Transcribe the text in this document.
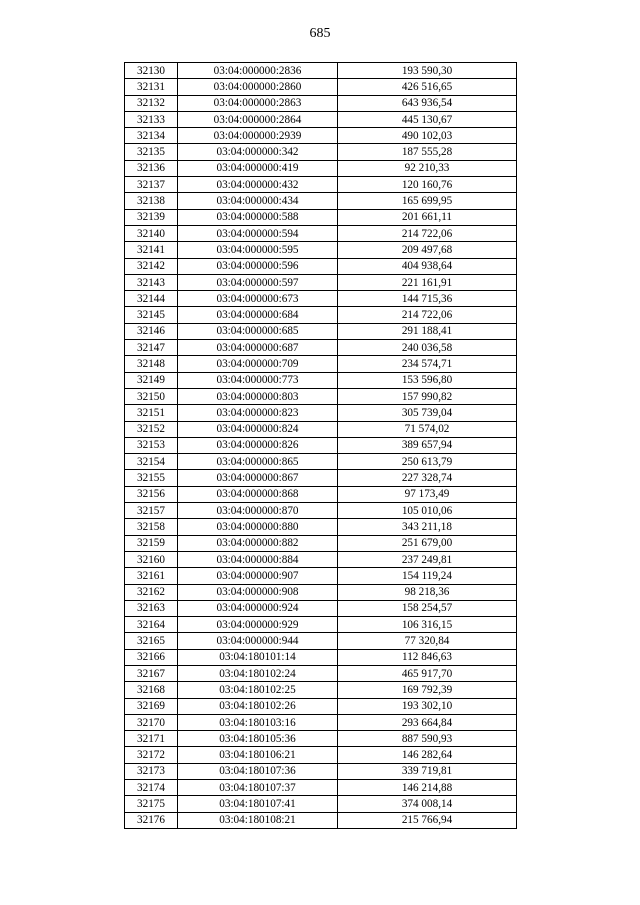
685
32130	03:04:000000:2836	193 590,30
32131	03:04:000000:2860	426 516,65
32132	03:04:000000:2863	643 936,54
32133	03:04:000000:2864	445 130,67
32134	03:04:000000:2939	490 102,03
32135	03:04:000000:342	187 555,28
32136	03:04:000000:419	92 210,33
32137	03:04:000000:432	120 160,76
32138	03:04:000000:434	165 699,95
32139	03:04:000000:588	201 661,11
32140	03:04:000000:594	214 722,06
32141	03:04:000000:595	209 497,68
32142	03:04:000000:596	404 938,64
32143	03:04:000000:597	221 161,91
32144	03:04:000000:673	144 715,36
32145	03:04:000000:684	214 722,06
32146	03:04:000000:685	291 188,41
32147	03:04:000000:687	240 036,58
32148	03:04:000000:709	234 574,71
32149	03:04:000000:773	153 596,80
32150	03:04:000000:803	157 990,82
32151	03:04:000000:823	305 739,04
32152	03:04:000000:824	71 574,02
32153	03:04:000000:826	389 657,94
32154	03:04:000000:865	250 613,79
32155	03:04:000000:867	227 328,74
32156	03:04:000000:868	97 173,49
32157	03:04:000000:870	105 010,06
32158	03:04:000000:880	343 211,18
32159	03:04:000000:882	251 679,00
32160	03:04:000000:884	237 249,81
32161	03:04:000000:907	154 119,24
32162	03:04:000000:908	98 218,36
32163	03:04:000000:924	158 254,57
32164	03:04:000000:929	106 316,15
32165	03:04:000000:944	77 320,84
32166	03:04:180101:14	112 846,63
32167	03:04:180102:24	465 917,70
32168	03:04:180102:25	169 792,39
32169	03:04:180102:26	193 302,10
32170	03:04:180103:16	293 664,84
32171	03:04:180105:36	887 590,93
32172	03:04:180106:21	146 282,64
32173	03:04:180107:36	339 719,81
32174	03:04:180107:37	146 214,88
32175	03:04:180107:41	374 008,14
32176	03:04:180108:21	215 766,94
